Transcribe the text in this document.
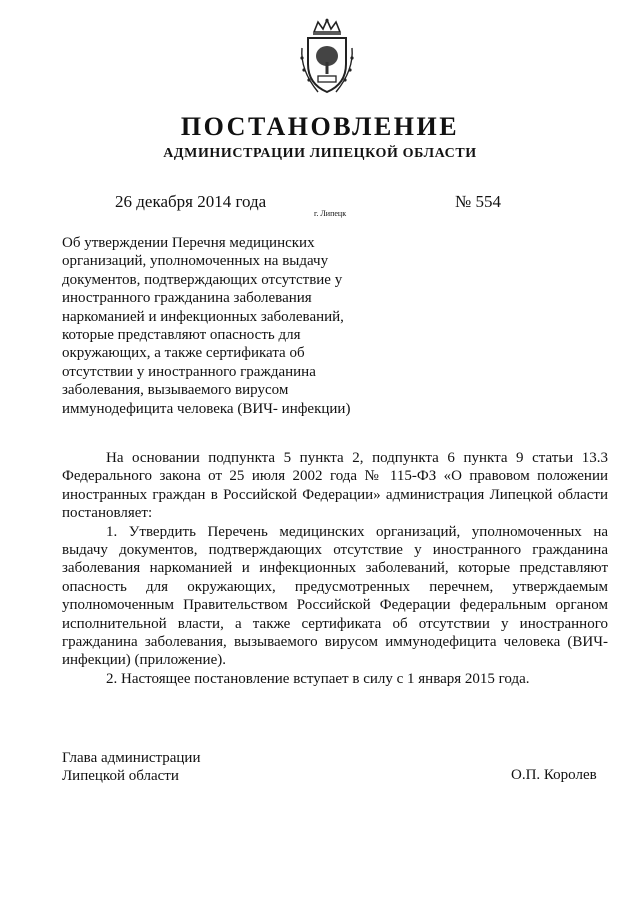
ПОСТАНОВЛЕНИЕ
АДМИНИСТРАЦИИ ЛИПЕЦКОЙ ОБЛАСТИ
26 декабря 2014 года
г. Липецк
№ 554

Об утверждении Перечня медицинских организаций, уполномоченных на выдачу документов, подтверждающих отсутствие у иностранного гражданина заболевания наркоманией и инфекционных заболеваний, которые представляют опасность для окружающих, а также сертификата об отсутствии у иностранного гражданина заболевания, вызываемого вирусом иммунодефицита человека (ВИЧ- инфекции)

На основании подпункта 5 пункта 2, подпункта 6 пункта 9 статьи 13.3 Федерального закона от 25 июля 2002 года № 115-ФЗ «О правовом положении иностранных граждан в Российской Федерации» администрация Липецкой области постановляет:

1. Утвердить Перечень медицинских организаций, уполномоченных на выдачу документов, подтверждающих отсутствие у иностранного гражданина заболевания наркоманией и инфекционных заболеваний, которые представляют опасность для окружающих, предусмотренных перечнем, утверждаемым уполномоченным Правительством Российской Федерации федеральным органом исполнительной власти, а также сертификата об отсутствии у иностранного гражданина заболевания, вызываемого вирусом иммунодефицита человека (ВИЧ- инфекции) (приложение).

2. Настоящее постановление вступает в силу с 1 января 2015 года.

Глава администрации
Липецкой области	О.П. Королев
